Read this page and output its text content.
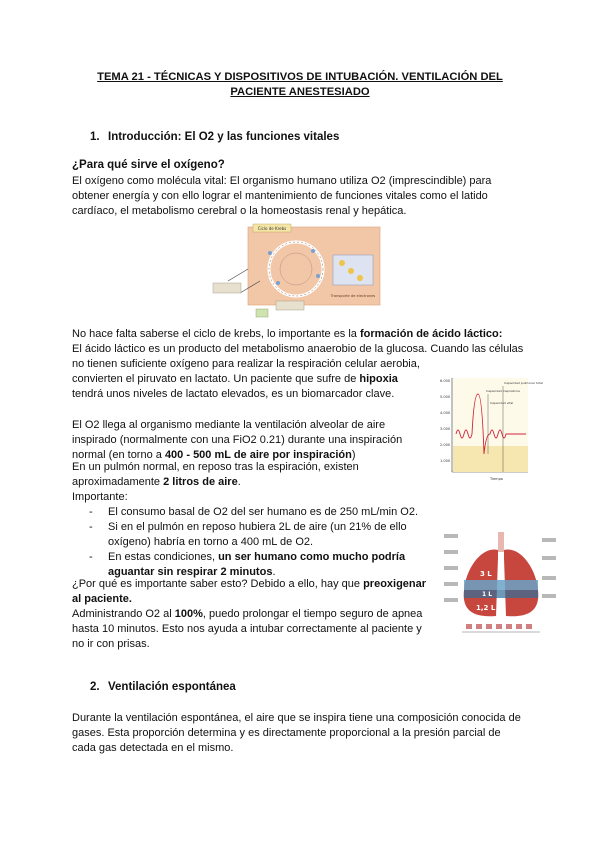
TEMA 21 - TÉCNICAS Y DISPOSITIVOS DE INTUBACIÓN. VENTILACIÓN DEL PACIENTE ANESTESIADO
1. Introducción: El O2 y las funciones vitales
¿Para qué sirve el oxígeno?
El oxígeno como molécula vital: El organismo humano utiliza O2 (imprescindible) para obtener energía y con ello lograr el mantenimiento de funciones vitales como el latido cardíaco, el metabolismo cerebral o la homeostasis renal y hepática.
Ciclo de Krebs
Transporte de electrones
No hace falta saberse el ciclo de krebs, lo importante es la formación de ácido láctico:
El ácido láctico es un producto del metabolismo anaerobio de la glucosa. Cuando las células
no tienen suficiente oxígeno para realizar la respiración celular aerobia,
convierten el piruvato en lactato. Un paciente que sufre de hipoxia
tendrá unos niveles de lactato elevados, es un biomarcador clave.
6.000
5.000
4.000
3.000
2.000
1.000
Capacidad inspiratoria
Capacidad vital
Capacidad pulmonar total
Tiempo
El O2 llega al organismo mediante la ventilación alveolar de aire
inspirado (normalmente con una FiO2 0.21) durante una inspiración
normal (en torno a 400 - 500 mL de aire por inspiración)
En un pulmón normal, en reposo tras la espiración, existen
aproximadamente 2 litros de aire.
Importante:
- El consumo basal de O2 del ser humano es de 250 mL/min O2.
- Si en el pulmón en reposo hubiera 2L de aire (un 21% de ello oxígeno) habría en torno a 400 mL de O2.
- En estas condiciones, un ser humano como mucho podría aguantar sin respirar 2 minutos.	3 L
1 L
1,2 L
¿Por qué es importante saber esto? Debido a ello, hay que preoxigenar
al paciente.
Administrando O2 al 100%, puedo prolongar el tiempo seguro de apnea
hasta 10 minutos. Esto nos ayuda a intubar correctamente al paciente y
no ir con prisas.
2. Ventilación espontánea
Durante la ventilación espontánea, el aire que se inspira tiene una composición conocida de
gases. Esta proporción determina y es directamente proporcional a la presión parcial de
cada gas detectada en el mismo.
